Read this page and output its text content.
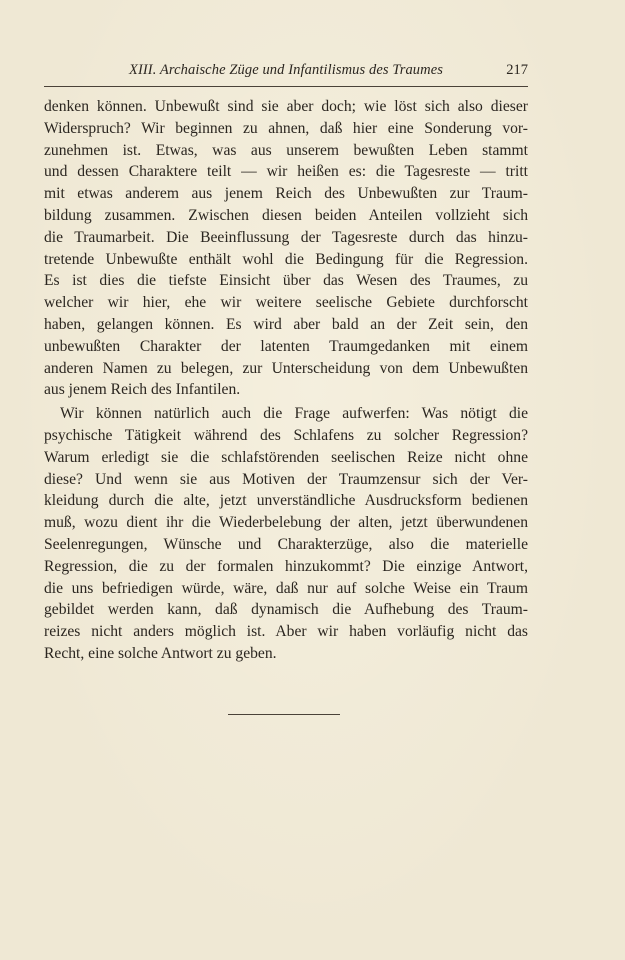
XIII. Archaische Züge und Infantilismus des Traumes	217
denken können. Unbewußt sind sie aber doch; wie löst sich also dieser
Widerspruch? Wir beginnen zu ahnen, daß hier eine Sonderung vor-
zunehmen ist. Etwas, was aus unserem bewußten Leben stammt
und dessen Charaktere teilt — wir heißen es: die Tagesreste — tritt
mit etwas anderem aus jenem Reich des Unbewußten zur Traum-
bildung zusammen. Zwischen diesen beiden Anteilen vollzieht sich
die Traumarbeit. Die Beeinflussung der Tagesreste durch das hinzu-
tretende Unbewußte enthält wohl die Bedingung für die Regression.
Es ist dies die tiefste Einsicht über das Wesen des Traumes, zu
welcher wir hier, ehe wir weitere seelische Gebiete durchforscht
haben, gelangen können. Es wird aber bald an der Zeit sein, den
unbewußten Charakter der latenten Traumgedanken mit einem
anderen Namen zu belegen, zur Unterscheidung von dem Unbewußten
aus jenem Reich des Infantilen.
Wir können natürlich auch die Frage aufwerfen: Was nötigt die
psychische Tätigkeit während des Schlafens zu solcher Regression?
Warum erledigt sie die schlafstörenden seelischen Reize nicht ohne
diese? Und wenn sie aus Motiven der Traumzensur sich der Ver-
kleidung durch die alte, jetzt unverständliche Ausdrucksform bedienen
muß, wozu dient ihr die Wiederbelebung der alten, jetzt überwundenen
Seelenregungen, Wünsche und Charakterzüge, also die materielle
Regression, die zu der formalen hinzukommt? Die einzige Antwort,
die uns befriedigen würde, wäre, daß nur auf solche Weise ein Traum
gebildet werden kann, daß dynamisch die Aufhebung des Traum-
reizes nicht anders möglich ist. Aber wir haben vorläufig nicht das
Recht, eine solche Antwort zu geben.
